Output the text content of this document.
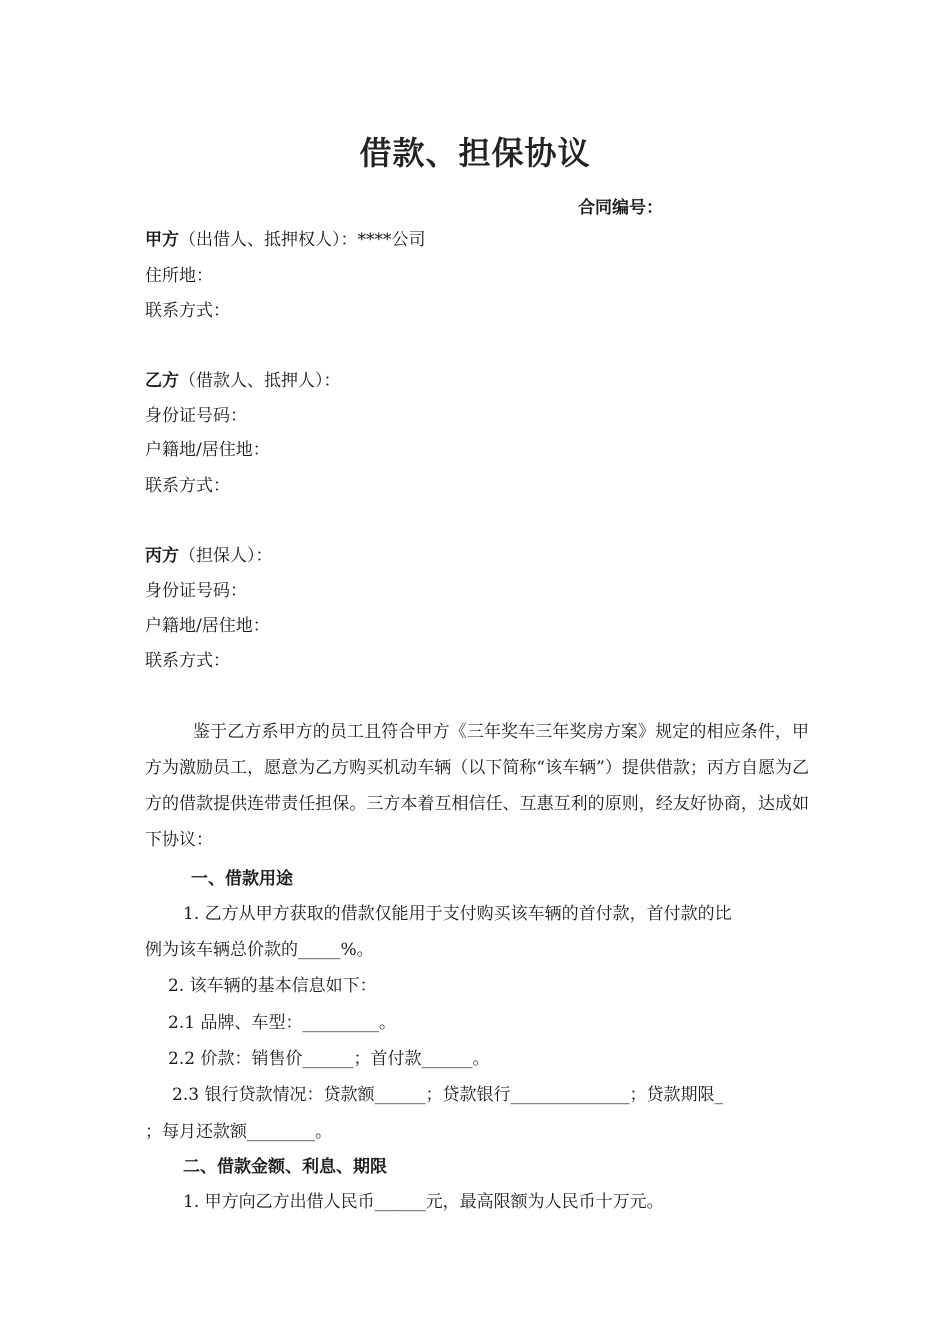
借款、担保协议
合同编号：
甲方（出借人、抵押权人）：****公司
住所地：
联系方式：
乙方（借款人、抵押人）：
身份证号码：
户籍地/居住地：
联系方式：
丙方（担保人）：
身份证号码：
户籍地/居住地：
联系方式：
鉴于乙方系甲方的员工且符合甲方《三年奖车三年奖房方案》规定的相应条件，甲方为激励员工，愿意为乙方购买机动车辆（以下简称“该车辆”）提供借款；丙方自愿为乙方的借款提供连带责任担保。三方本着互相信任、互惠互利的原则，经友好协商，达成如下协议：
一、借款用途
1. 乙方从甲方获取的借款仅能用于支付购买该车辆的首付款，首付款的比
例为该车辆总价款的_____%。
2. 该车辆的基本信息如下：
2.1 品牌、车型：_________。
2.2 价款：销售价______；首付款______。
2.3 银行贷款情况：贷款额______；贷款银行______________；贷款期限_
；每月还款额________。
二、借款金额、利息、期限
1. 甲方向乙方出借人民币______元，最高限额为人民币十万元。
